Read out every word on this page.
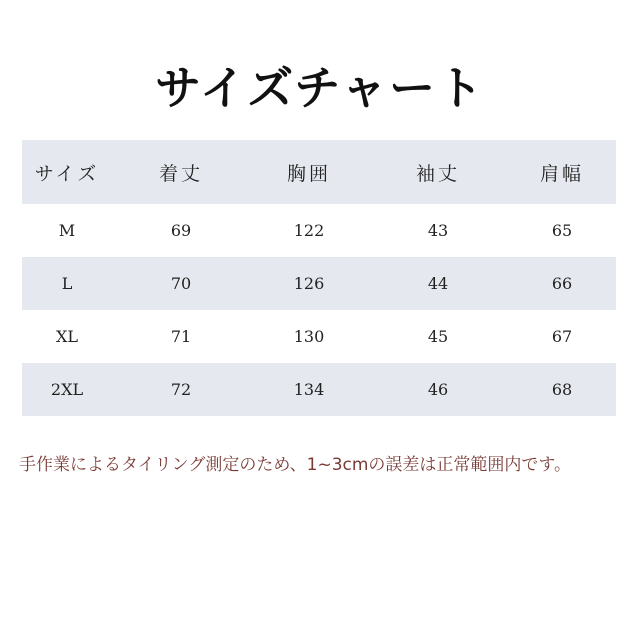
サイズチャート
サイズ	着丈	胸囲	袖丈	肩幅
M	69	122	43	65
L	70	126	44	66
XL	71	130	45	67
2XL	72	134	46	68
手作業によるタイリング測定のため、1~3cmの誤差は正常範囲内です。
